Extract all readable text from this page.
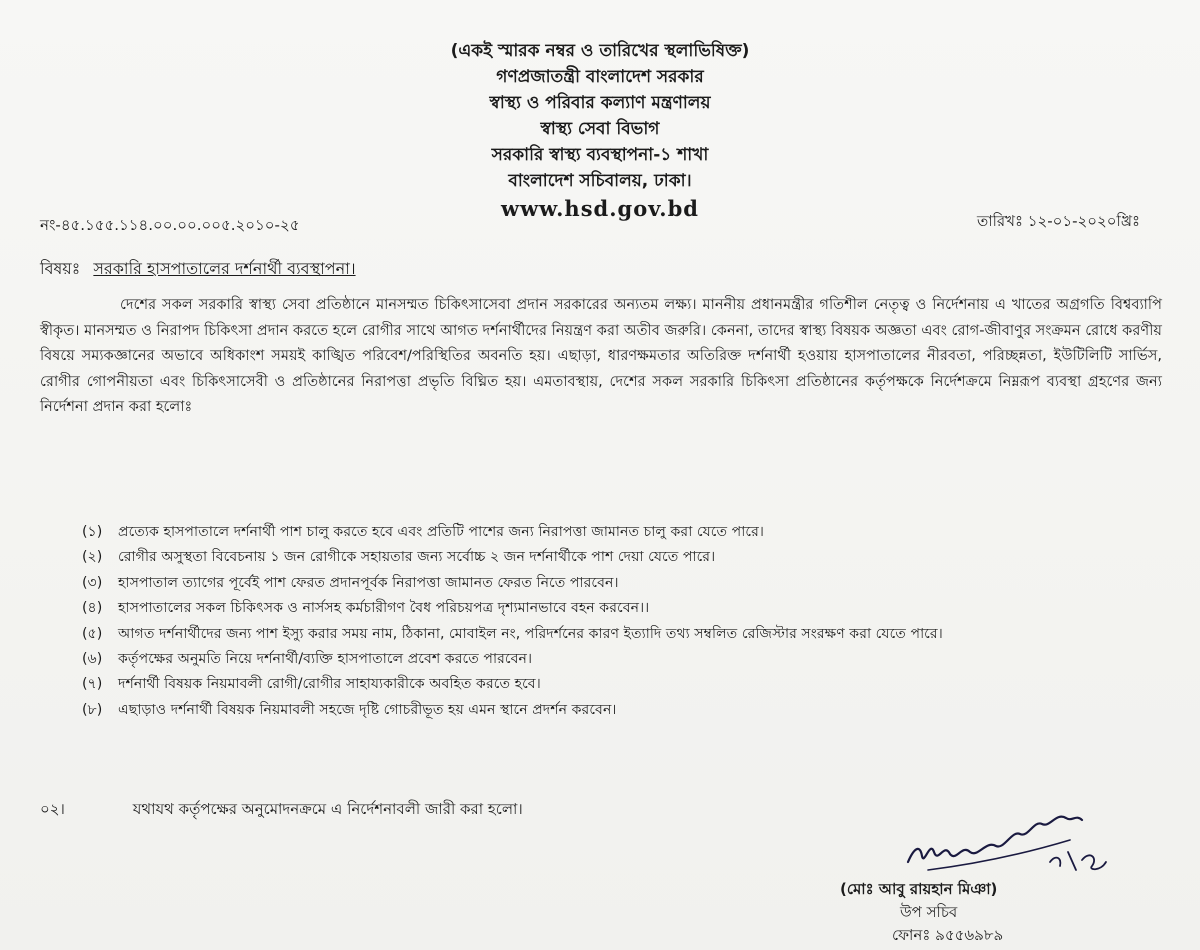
(একই স্মারক নম্বর ও তারিখের স্থলাভিষিক্ত)
গণপ্রজাতন্ত্রী বাংলাদেশ সরকার
স্বাস্থ্য ও পরিবার কল্যাণ মন্ত্রণালয়
স্বাস্থ্য সেবা বিভাগ
সরকারি স্বাস্থ্য ব্যবস্থাপনা-১ শাখা
বাংলাদেশ সচিবালয়, ঢাকা।
www.hsd.gov.bd
নং-৪৫.১৫৫.১১৪.০০.০০.০০৫.২০১০-২৫	তারিখঃ ১২-০১-২০২০খ্রিঃ
বিষয়ঃ সরকারি হাসপাতালের দর্শনার্থী ব্যবস্থাপনা।
দেশের সকল সরকারি স্বাস্থ্য সেবা প্রতিষ্ঠানে মানসম্মত চিকিৎসাসেবা প্রদান সরকারের অন্যতম লক্ষ্য। মাননীয় প্রধানমন্ত্রীর গতিশীল নেতৃত্ব ও নির্দেশনায় এ খাতের অগ্রগতি বিশ্বব্যাপি স্বীকৃত। মানসম্মত ও নিরাপদ চিকিৎসা প্রদান করতে হলে রোগীর সাথে আগত দর্শনার্থীদের নিয়ন্ত্রণ করা অতীব জরুরি। কেননা, তাদের স্বাস্থ্য বিষয়ক অজ্ঞতা এবং রোগ-জীবাণুর সংক্রমন রোধে করণীয় বিষয়ে সম্যকজ্ঞানের অভাবে অধিকাংশ সময়ই কাঙ্খিত পরিবেশ/পরিস্থিতির অবনতি হয়। এছাড়া, ধারণক্ষমতার অতিরিক্ত দর্শনার্থী হওয়ায় হাসপাতালের নীরবতা, পরিচ্ছন্নতা, ইউটিলিটি সার্ভিস, রোগীর গোপনীয়তা এবং চিকিৎসাসেবী ও প্রতিষ্ঠানের নিরাপত্তা প্রভৃতি বিঘ্নিত হয়। এমতাবস্থায়, দেশের সকল সরকারি চিকিৎসা প্রতিষ্ঠানের কর্তৃপক্ষকে নির্দেশক্রমে নিম্নরূপ ব্যবস্থা গ্রহণের জন্য নির্দেশনা প্রদান করা হলোঃ
(১)	প্রত্যেক হাসপাতালে দর্শনার্থী পাশ চালু করতে হবে এবং প্রতিটি পাশের জন্য নিরাপত্তা জামানত চালু করা যেতে পারে।
(২)	রোগীর অসুস্থতা বিবেচনায় ১ জন রোগীকে সহায়তার জন্য সর্বোচ্চ ২ জন দর্শনার্থীকে পাশ দেয়া যেতে পারে।
(৩)	হাসপাতাল ত্যাগের পূর্বেই পাশ ফেরত প্রদানপূর্বক নিরাপত্তা জামানত ফেরত নিতে পারবেন।
(৪)	হাসপাতালের সকল চিকিৎসক ও নার্সসহ কর্মচারীগণ বৈধ পরিচয়পত্র দৃশ্যমানভাবে বহন করবেন।।
(৫)	আগত দর্শনার্থীদের জন্য পাশ ইস্যু করার সময় নাম, ঠিকানা, মোবাইল নং, পরিদর্শনের কারণ ইত্যাদি তথ্য সম্বলিত রেজিস্টার সংরক্ষণ করা যেতে পারে।
(৬)	কর্তৃপক্ষের অনুমতি নিয়ে দর্শনার্থী/ব্যক্তি হাসপাতালে প্রবেশ করতে পারবেন।
(৭)	দর্শনার্থী বিষয়ক নিয়মাবলী রোগী/রোগীর সাহায্যকারীকে অবহিত করতে হবে।
(৮)	এছাড়াও দর্শনার্থী বিষয়ক নিয়মাবলী সহজে দৃষ্টি গোচরীভূত হয় এমন স্থানে প্রদর্শন করবেন।
০২।	যথাযথ কর্তৃপক্ষের অনুমোদনক্রমে এ নির্দেশনাবলী জারী করা হলো।
(মোঃ আবু রায়হান মিঞা)
উপ সচিব
ফোনঃ ৯৫৫৬৯৮৯
